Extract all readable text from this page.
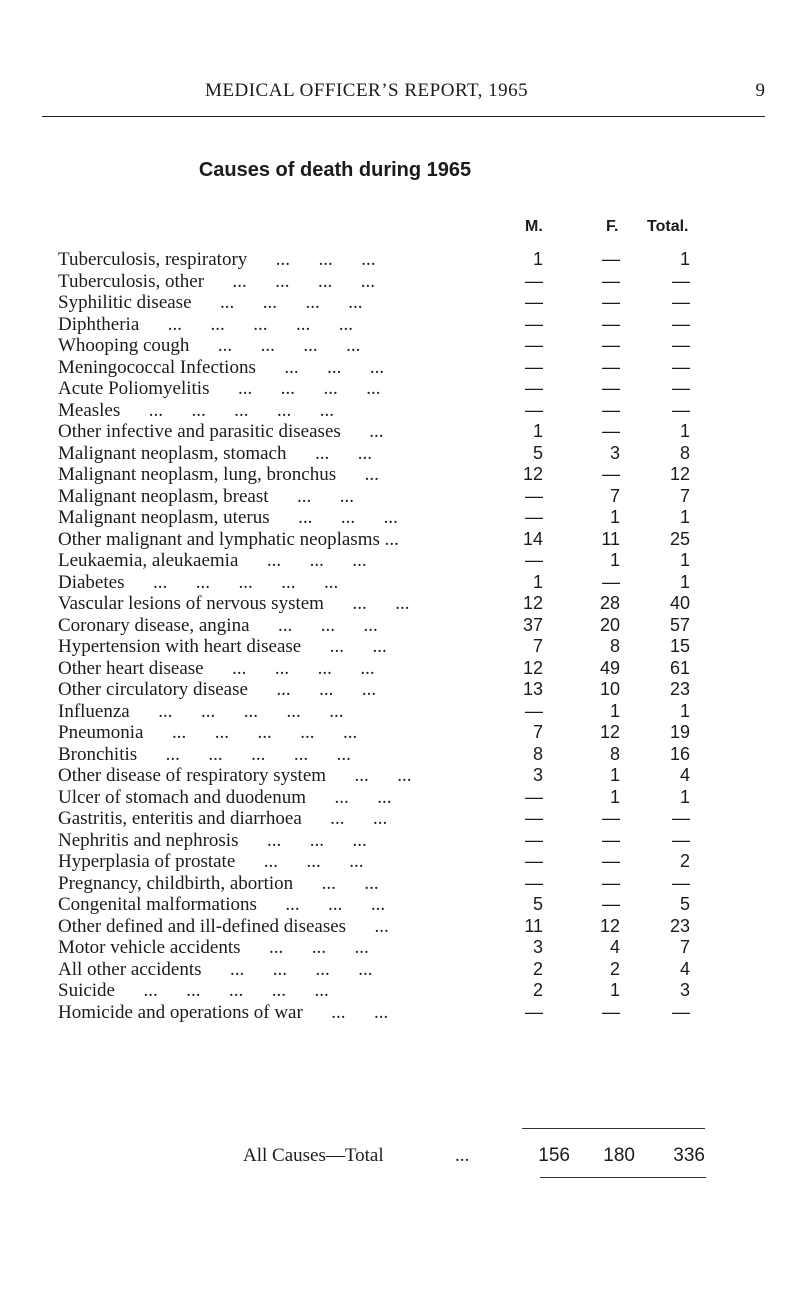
MEDICAL OFFICER’S REPORT, 1965	9
Causes of death during 1965
M.	F. Total.
Tuberculosis, respiratory      ...      ...      ...	1	—	1
Tuberculosis, other      ...      ...      ...      ...	—	—	—
Syphilitic disease      ...      ...      ...      ...	—	—	—
Diphtheria      ...      ...      ...      ...      ...	—	—	—
Whooping cough      ...      ...      ...      ...	—	—	—
Meningococcal Infections      ...      ...      ...	—	—	—
Acute Poliomyelitis      ...      ...      ...      ...	—	—	—
Measles      ...      ...      ...      ...      ...	—	—	—
Other infective and parasitic diseases      ...	1	—	1
Malignant neoplasm, stomach      ...      ...	5	3	8
Malignant neoplasm, lung, bronchus      ...	12	—	12
Malignant neoplasm, breast      ...      ...	—	7	7
Malignant neoplasm, uterus      ...      ...      ...	—	1	1
Other malignant and lymphatic neoplasms ...	14	11	25
Leukaemia, aleukaemia      ...      ...      ...	—	1	1
Diabetes      ...      ...      ...      ...      ...	1	—	1
Vascular lesions of nervous system      ...      ...	12	28	40
Coronary disease, angina      ...      ...      ...	37	20	57
Hypertension with heart disease      ...      ...	7	8	15
Other heart disease      ...      ...      ...      ...	12	49	61
Other circulatory disease      ...      ...      ...	13	10	23
Influenza      ...      ...      ...      ...      ...	—	1	1
Pneumonia      ...      ...      ...      ...      ...	7	12	19
Bronchitis      ...      ...      ...      ...      ...	8	8	16
Other disease of respiratory system      ...      ...	3	1	4
Ulcer of stomach and duodenum      ...      ...	—	1	1
Gastritis, enteritis and diarrhoea      ...      ...	—	—	—
Nephritis and nephrosis      ...      ...      ...	—	—	—
Hyperplasia of prostate      ...      ...      ...	—	—	2
Pregnancy, childbirth, abortion      ...      ...	—	—	—
Congenital malformations      ...      ...      ...	5	—	5
Other defined and ill-defined diseases      ...	11	12	23
Motor vehicle accidents      ...      ...      ...	3	4	7
All other accidents      ...      ...      ...      ...	2	2	4
Suicide      ...      ...      ...      ...      ...	2	1	3
Homicide and operations of war      ...      ...	—	—	—
All Causes—Total	...	156	180	336
